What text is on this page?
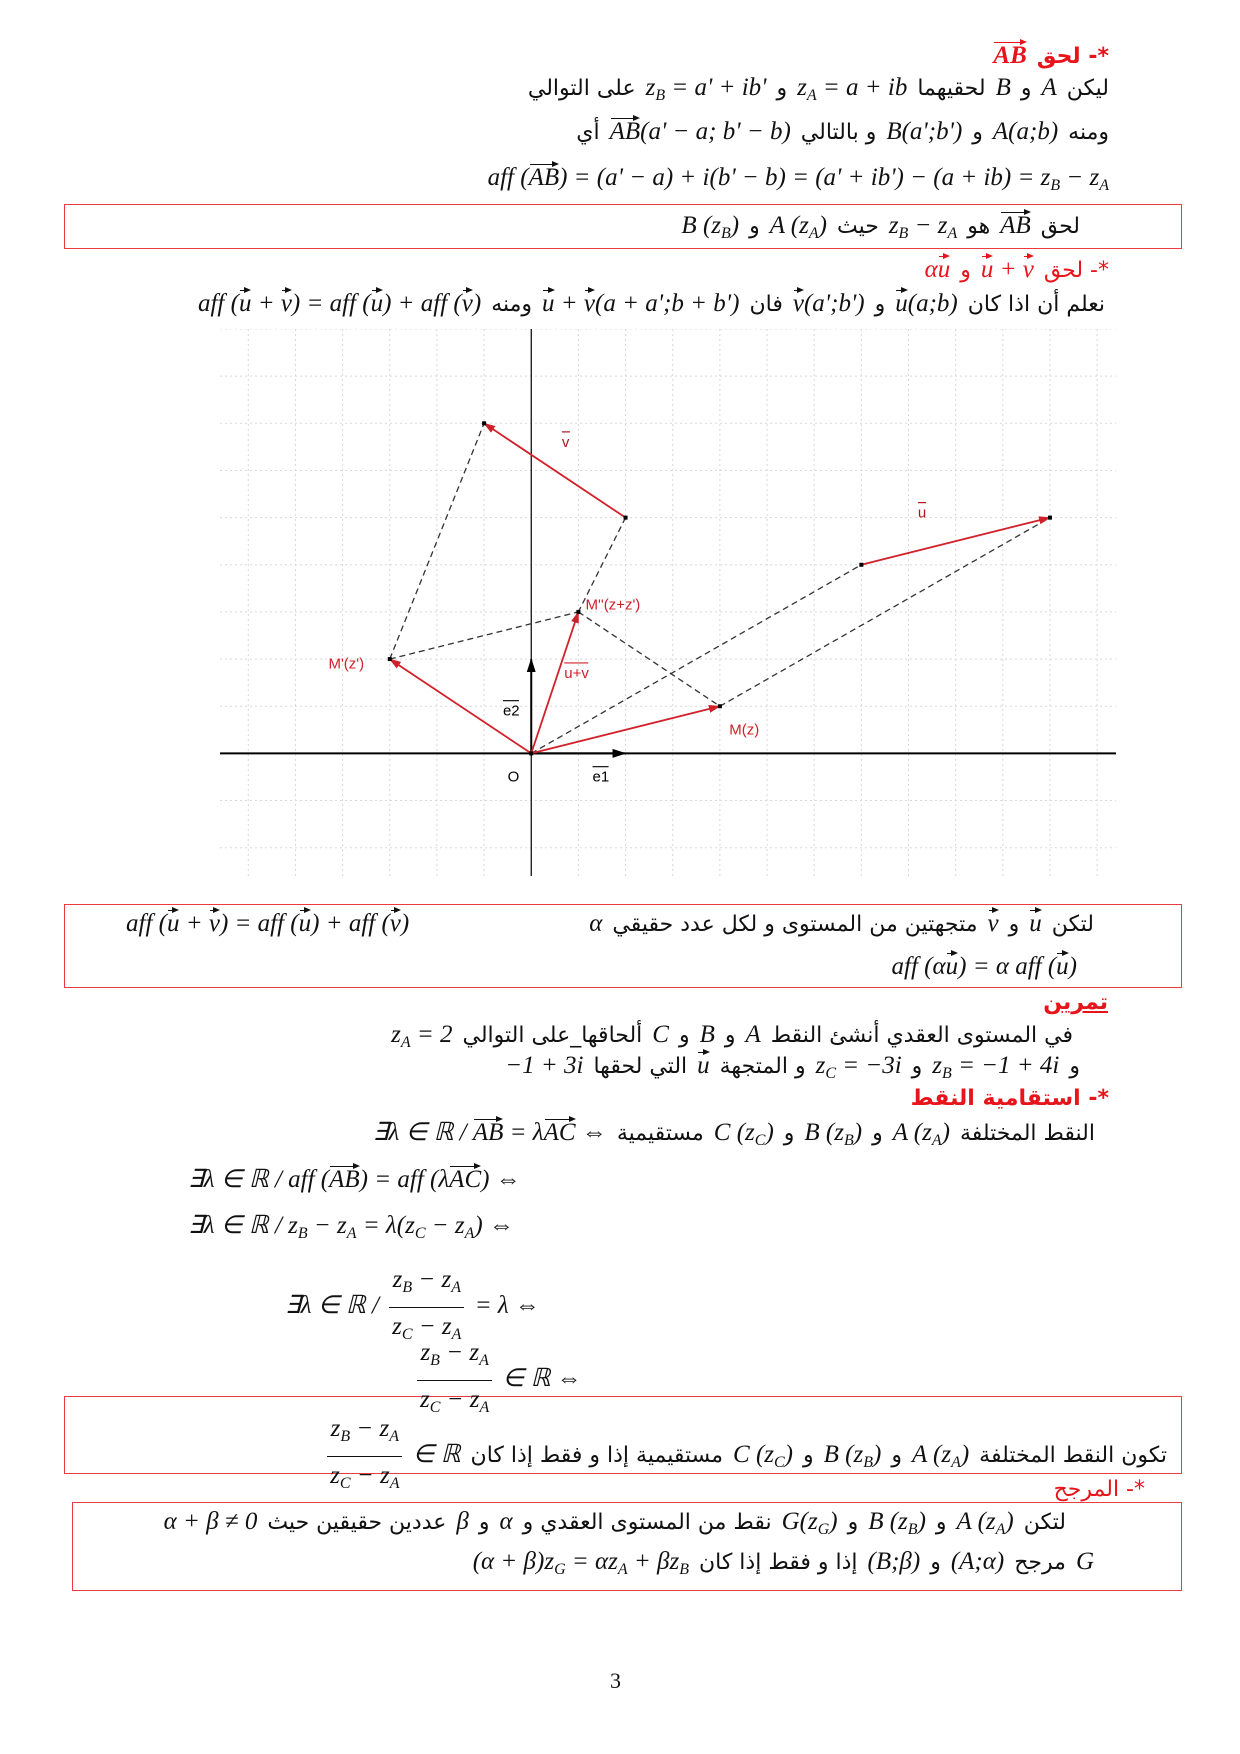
*- لحقAB
ليكنAوBلحقيهماz$_A$ = a + ibوz$_B$ = a' + ib'على التوالي
ومنهA(a;b)وB(a';b')و بالتاليAB(a' − a; b' − b)أي
aff $(AB) = (a' - a) + i(b' - b) = (a' + ib') - (a + ib) = z_B - z_A$
لحقABهوz$_B$ − $z_AحيثA$ $(z_A)وB$ $(z_B)$
*- لحقu + vوαu
نعلم أن اذا كانu(a;b)وv(a';b')فانu + v(a + a';b + b')ومنهaff (u + v) = aff (u) + aff (v)
M(z)
M'(z')
M''(z+z')
u
v
u+v
e2
e1
O
لتكنuوvمتجهتين من المستوى و لكل عدد حقيقيα
aff (u + v) = aff (u) + aff (v)
aff (αu) = α aff (u)
تمرين
في المستوى العقدي أنشئ النقطAوBوCألحاقها_على التواليz$_A$ = 2
وz$_B$ = −1 + 4iوz$_C$ = −3iو المتجهةuالتي لحقها−1 + 3i
*- استقامية النقط
النقط المختلفةA $(z_A)وB$ $(z_B)وC$ $(z_C)مستقيمية\exists\lambda$ ∈ ℝ / AB = λAC ⇔
∃λ ∈ ℝ / aff (AB) = aff (λAC) ⇔
∃λ ∈ ℝ / $z_B - z_A = \lambda(z_C - z_A)$ ⇔
∃λ ∈ ℝ / $\frac{z_B - z_A}{z_C - z_A} = \lambda$ ⇔
$\frac{z_B - z_A}{z_C - z_A}$ ∈ ℝ ⇔
تكون النقط المختلفةA $(z_A)وB$ $(z_B)وC$ $(z_C)مستقيمية$ إذا و فقط إذا كان
$\frac{z_B - z_A}{z_C - z_A}$ ∈ ℝ
*- المرجح
لتكنA $(z_A)وB$ $(z_B)وG(z_G)نقط$ من المستوى العقدي وαوβعددين حقيقين حيثα + β ≠ 0
Gمرجح(A;α)و(B;β)إذا و فقط إذا كان(α + $\beta)z_G = \alpha z_A + \beta z_B$
3
